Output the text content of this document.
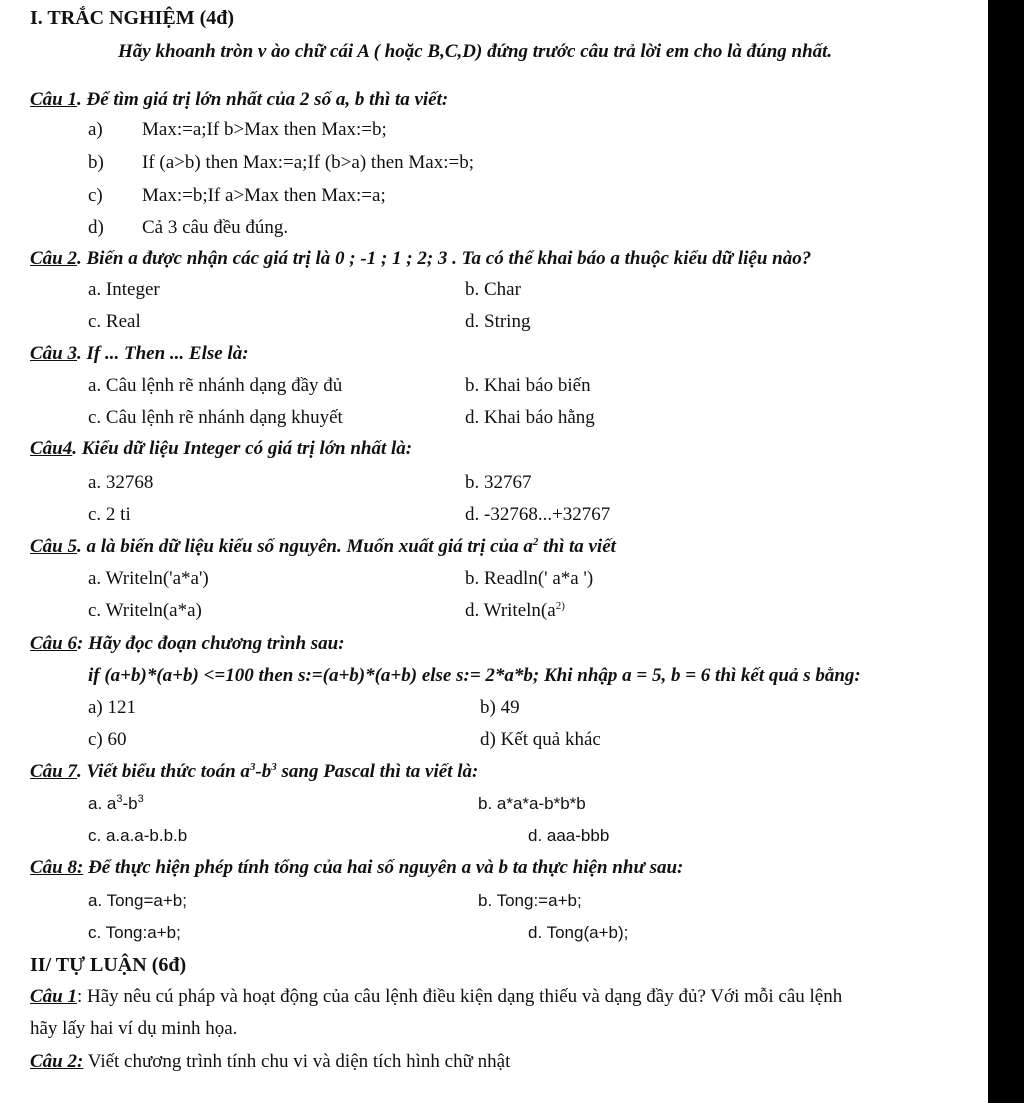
I. TRẮC NGHIỆM (4đ)
Hãy khoanh tròn v ào chữ cái A ( hoặc B,C,D) đứng trước câu trả lời em cho là đúng nhất.
Câu 1. Để tìm giá trị lớn nhất của 2 số a, b thì ta viết:
a) Max:=a;If b>Max then Max:=b;
b) If (a>b) then Max:=a;If (b>a) then Max:=b;
c) Max:=b;If a>Max then Max:=a;
d) Cả 3 câu đều đúng.
Câu 2. Biến a được nhận các giá trị là 0 ; -1 ; 1 ; 2; 3 . Ta có thể khai báo a thuộc kiểu dữ liệu nào?
a. Integer	b. Char
c. Real	d. String
Câu 3. If ... Then ... Else là:
a. Câu lệnh rẽ nhánh dạng đầy đủ	b. Khai báo biến
c. Câu lệnh rẽ nhánh dạng khuyết	d. Khai báo hằng
Câu4. Kiểu dữ liệu Integer có giá trị lớn nhất là:
a. 32768	b. 32767
c. 2 ti	d. -32768...+32767
Câu 5. a là biến dữ liệu kiểu số nguyên. Muốn xuất giá trị của $a^2$ thì ta viết
a. Writeln('a*a')	b. Readln(' a*a ')
c. Writeln(a*a)	d. $Writeln(a^{2)}$
Câu 6: Hãy đọc đoạn chương trình sau:
if (a+b)*(a+b) <=100 then s:=(a+b)*(a+b) else s:= 2*a*b; Khi nhập a = 5, b = 6 thì kết quả s bằng:
a) 121	b) 49
c) 60	d) Kết quả khác
Câu 7. Viết biểu thức toán $a^3-b^3$ sang Pascal thì ta viết là:
a. $a^3-b^3$	b. a*a*a-b*b*b
c. a.a.a-b.b.b	d. aaa-bbb
Câu 8: Để thực hiện phép tính tổng của hai số nguyên a và b ta thực hiện như sau:
a. Tong=a+b;	b. Tong:=a+b;
c. Tong:a+b;	d. Tong(a+b);
II/ TỰ LUẬN (6đ)
Câu 1: Hãy nêu cú pháp và hoạt động của câu lệnh điều kiện dạng thiếu và dạng đầy đủ? Với mỗi câu lệnh
hãy lấy hai ví dụ minh họa.
Câu 2: Viết chương trình tính chu vi và diện tích hình chữ nhật
